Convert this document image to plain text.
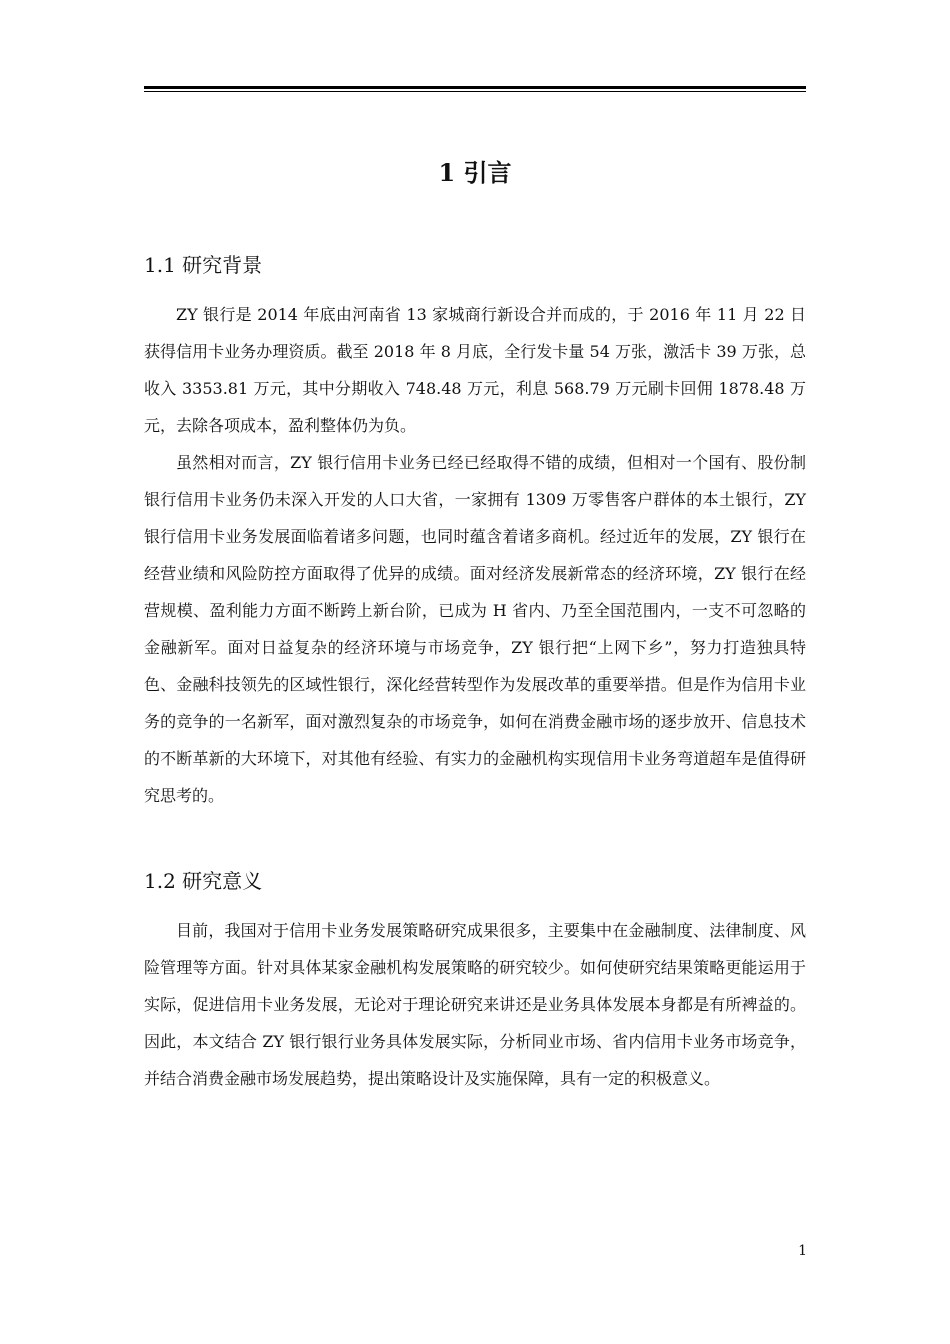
1 引言
1.1 研究背景

ZY 银行是 2014 年底由河南省 13 家城商行新设合并而成的，于 2016 年 11 月 22 日获得信用卡业务办理资质。截至 2018 年 8 月底，全行发卡量 54 万张，激活卡 39 万张，总收入 3353.81 万元，其中分期收入 748.48 万元，利息 568.79 万元刷卡回佣 1878.48 万元，去除各项成本，盈利整体仍为负。

虽然相对而言，ZY 银行信用卡业务已经已经取得不错的成绩，但相对一个国有、股份制银行信用卡业务仍未深入开发的人口大省，一家拥有 1309 万零售客户群体的本土银行，ZY 银行信用卡业务发展面临着诸多问题，也同时蕴含着诸多商机。经过近年的发展，ZY 银行在经营业绩和风险防控方面取得了优异的成绩。面对经济发展新常态的经济环境，ZY 银行在经营规模、盈利能力方面不断跨上新台阶，已成为 H 省内、乃至全国范围内，一支不可忽略的金融新军。面对日益复杂的经济环境与市场竞争，ZY 银行把“上网下乡”，努力打造独具特色、金融科技领先的区域性银行，深化经营转型作为发展改革的重要举措。但是作为信用卡业务的竞争的一名新军，面对激烈复杂的市场竞争，如何在消费金融市场的逐步放开、信息技术的不断革新的大环境下，对其他有经验、有实力的金融机构实现信用卡业务弯道超车是值得研究思考的。

1.2 研究意义

目前，我国对于信用卡业务发展策略研究成果很多，主要集中在金融制度、法律制度、风险管理等方面。针对具体某家金融机构发展策略的研究较少。如何使研究结果策略更能运用于实际，促进信用卡业务发展，无论对于理论研究来讲还是业务具体发展本身都是有所裨益的。因此，本文结合 ZY 银行银行业务具体发展实际，分析同业市场、省内信用卡业务市场竞争，并结合消费金融市场发展趋势，提出策略设计及实施保障，具有一定的积极意义。

1
